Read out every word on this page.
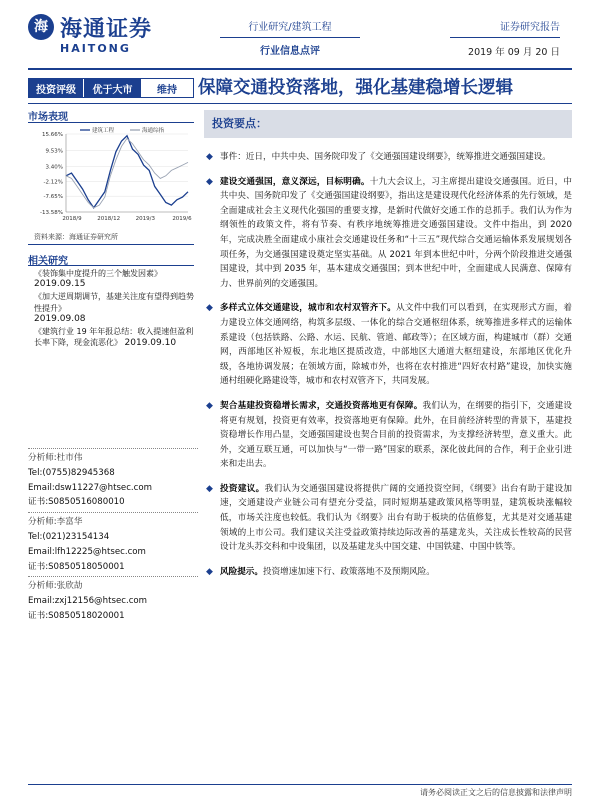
海 海通证券
HAITONG
行业研究/建筑工程
行业信息点评
证券研究报告
2019 年 09 月 20 日
投资评级	优于大市	维持	保障交通投资落地，强化基建稳增长逻辑
市场表现
15.66%
9.53%
3.40%
-2.12%
-7.65%
-13.58%
2018/9	2018/12	2019/3	2019/6
建筑工程	海通综指
资料来源：海通证券研究所
相关研究
《装饰集中度提升的三个触发因素》
2019.09.15
《加大逆周期调节，基建关注度有望得到趋势性提升》
2019.09.08
《建筑行业 19 年年报总结：收入提速但盈利长率下降，现金流恶化》 2019.09.10
分析师:杜市伟
Tel:(0755)82945368
Email:dsw11227@htsec.com
证书:S0850516080010
分析师:李富华
Tel:(021)23154134
Email:lfh12225@htsec.com
证书:S0850518050001
分析师:张欣劼
Email:zxj12156@htsec.com
证书:S0850518020001
投资要点：
◆ 事件：近日，中共中央、国务院印发了《交通强国建设纲要》，统筹推进交通强国建设。
◆ 建设交通强国，意义深远，目标明确。十九大会议上，习主席提出建设交通强国。近日，中共中央、国务院印发了《交通强国建设纲要》，指出这是建设现代化经济体系的先行领域，是全面建成社会主义现代化强国的重要支撑，是新时代做好交通工作的总抓手。我们认为作为纲领性的政策文件，将有节奏、有秩序地统筹推进交通强国建设。文件中指出，到 2020 年，完成决胜全面建成小康社会交通建设任务和“十三五”现代综合交通运输体系发展规划各项任务，为交通强国建设奠定坚实基础。从 2021 年到本世纪中叶，分两个阶段推进交通强国建设，其中到 2035 年，基本建成交通强国；到本世纪中叶，全面建成人民满意、保障有力、世界前列的交通强国。
◆ 多样式立体交通建设，城市和农村双管齐下。从文件中我们可以看到，在实现形式方面，着力建设立体交通网络，构筑多层级、一体化的综合交通枢纽体系，统筹推进多样式的运输体系建设（包括铁路、公路、水运、民航、管道、邮政等）；在区域方面，构建城市（群）交通网，西部地区补短板，东北地区提质改造，中部地区大通道大枢纽建设，东部地区优化升级，各地协调发展；在领域方面，除城市外，也将在农村推进“四好农村路”建设，加快实施通村组硬化路建设等，城市和农村双管齐下，共同发展。
◆ 契合基建投资稳增长需求，交通投资落地更有保障。我们认为，在纲要的指引下，交通建设将更有规划，投资更有效率，投资落地更有保障。此外，在目前经济转型的背景下，基建投资稳增长作用凸显，交通强国建设也契合目前的投资需求，为支撑经济转型，意义重大。此外，交通互联互通，可以加快与“一带一路”国家的联系，深化彼此间的合作，利于企业引进来和走出去。
◆ 投资建议。我们认为交通强国建设将提供广阔的交通投资空间，《纲要》出台有助于建设加速，交通建设产业链公司有望充分受益，同时短期基建政策风格等明显，建筑板块涨幅较低，市场关注度也较低。我们认为《纲要》出台有助于板块的估值修复，尤其是对交通基建领域的上市公司。我们建议关注受益政策持续边际改善的基建龙头，关注成长性较高的民营设计龙头苏交科和中设集团，以及基建龙头中国交建、中国铁建、中国中铁等。
◆ 风险提示。投资增速加速下行、政策落地不及预期风险。
请务必阅读正文之后的信息披露和法律声明
